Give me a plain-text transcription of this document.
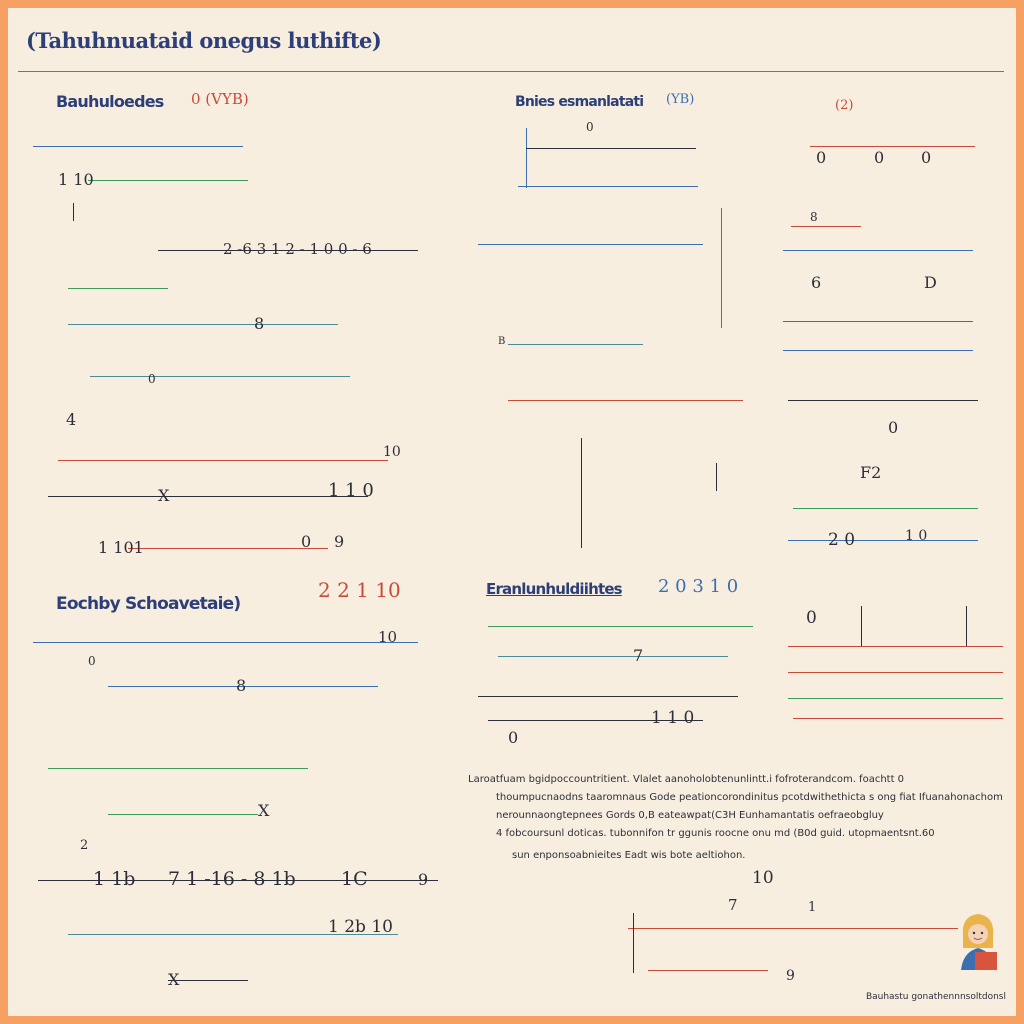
(Tahuhnuataid onegus luthifte)
Bauhuloedes 0 (VYB)
1 10
2 -6 3 1 2 - 1 0 0 - 6
8
0
4
10
X	1 1 0
1 101	0 9
Bnies esmanlatati (YB)
0
B
(2)
0	0 0
8
6	D
0
F2
2 0	1 0
Eochby Schoavetaie)
2 2 1 10
0
10
8
X
2
1 1b 7 1 -16 - 8 1b 1C	9
1 2b 10
X
Eranlunhuldiihtes 2 0 3 1 0
7
1 1 0
0
0
Laroatfuam bgidpoccountritient. Vlalet aanoholobtenunlintt.i fofroterandcom. foachtt 0
thoumpucnaodns taaromnaus Gode peationcorondinitus pcotdwithethicta s ong fiat Ifuanahonachom
nerounnaongtepnees Gords 0,B eateawpat(C3H Eunhamantatis oefraeobgluy
4 fobcoursunl doticas. tubonnifon tr ggunis roocne onu md (B0d guid. utopmaentsnt.60
sun enponsoabnieites Eadt wis bote aeltiohon.
10
7	1
9
Bauhastu gonathennnsoltdonsl
